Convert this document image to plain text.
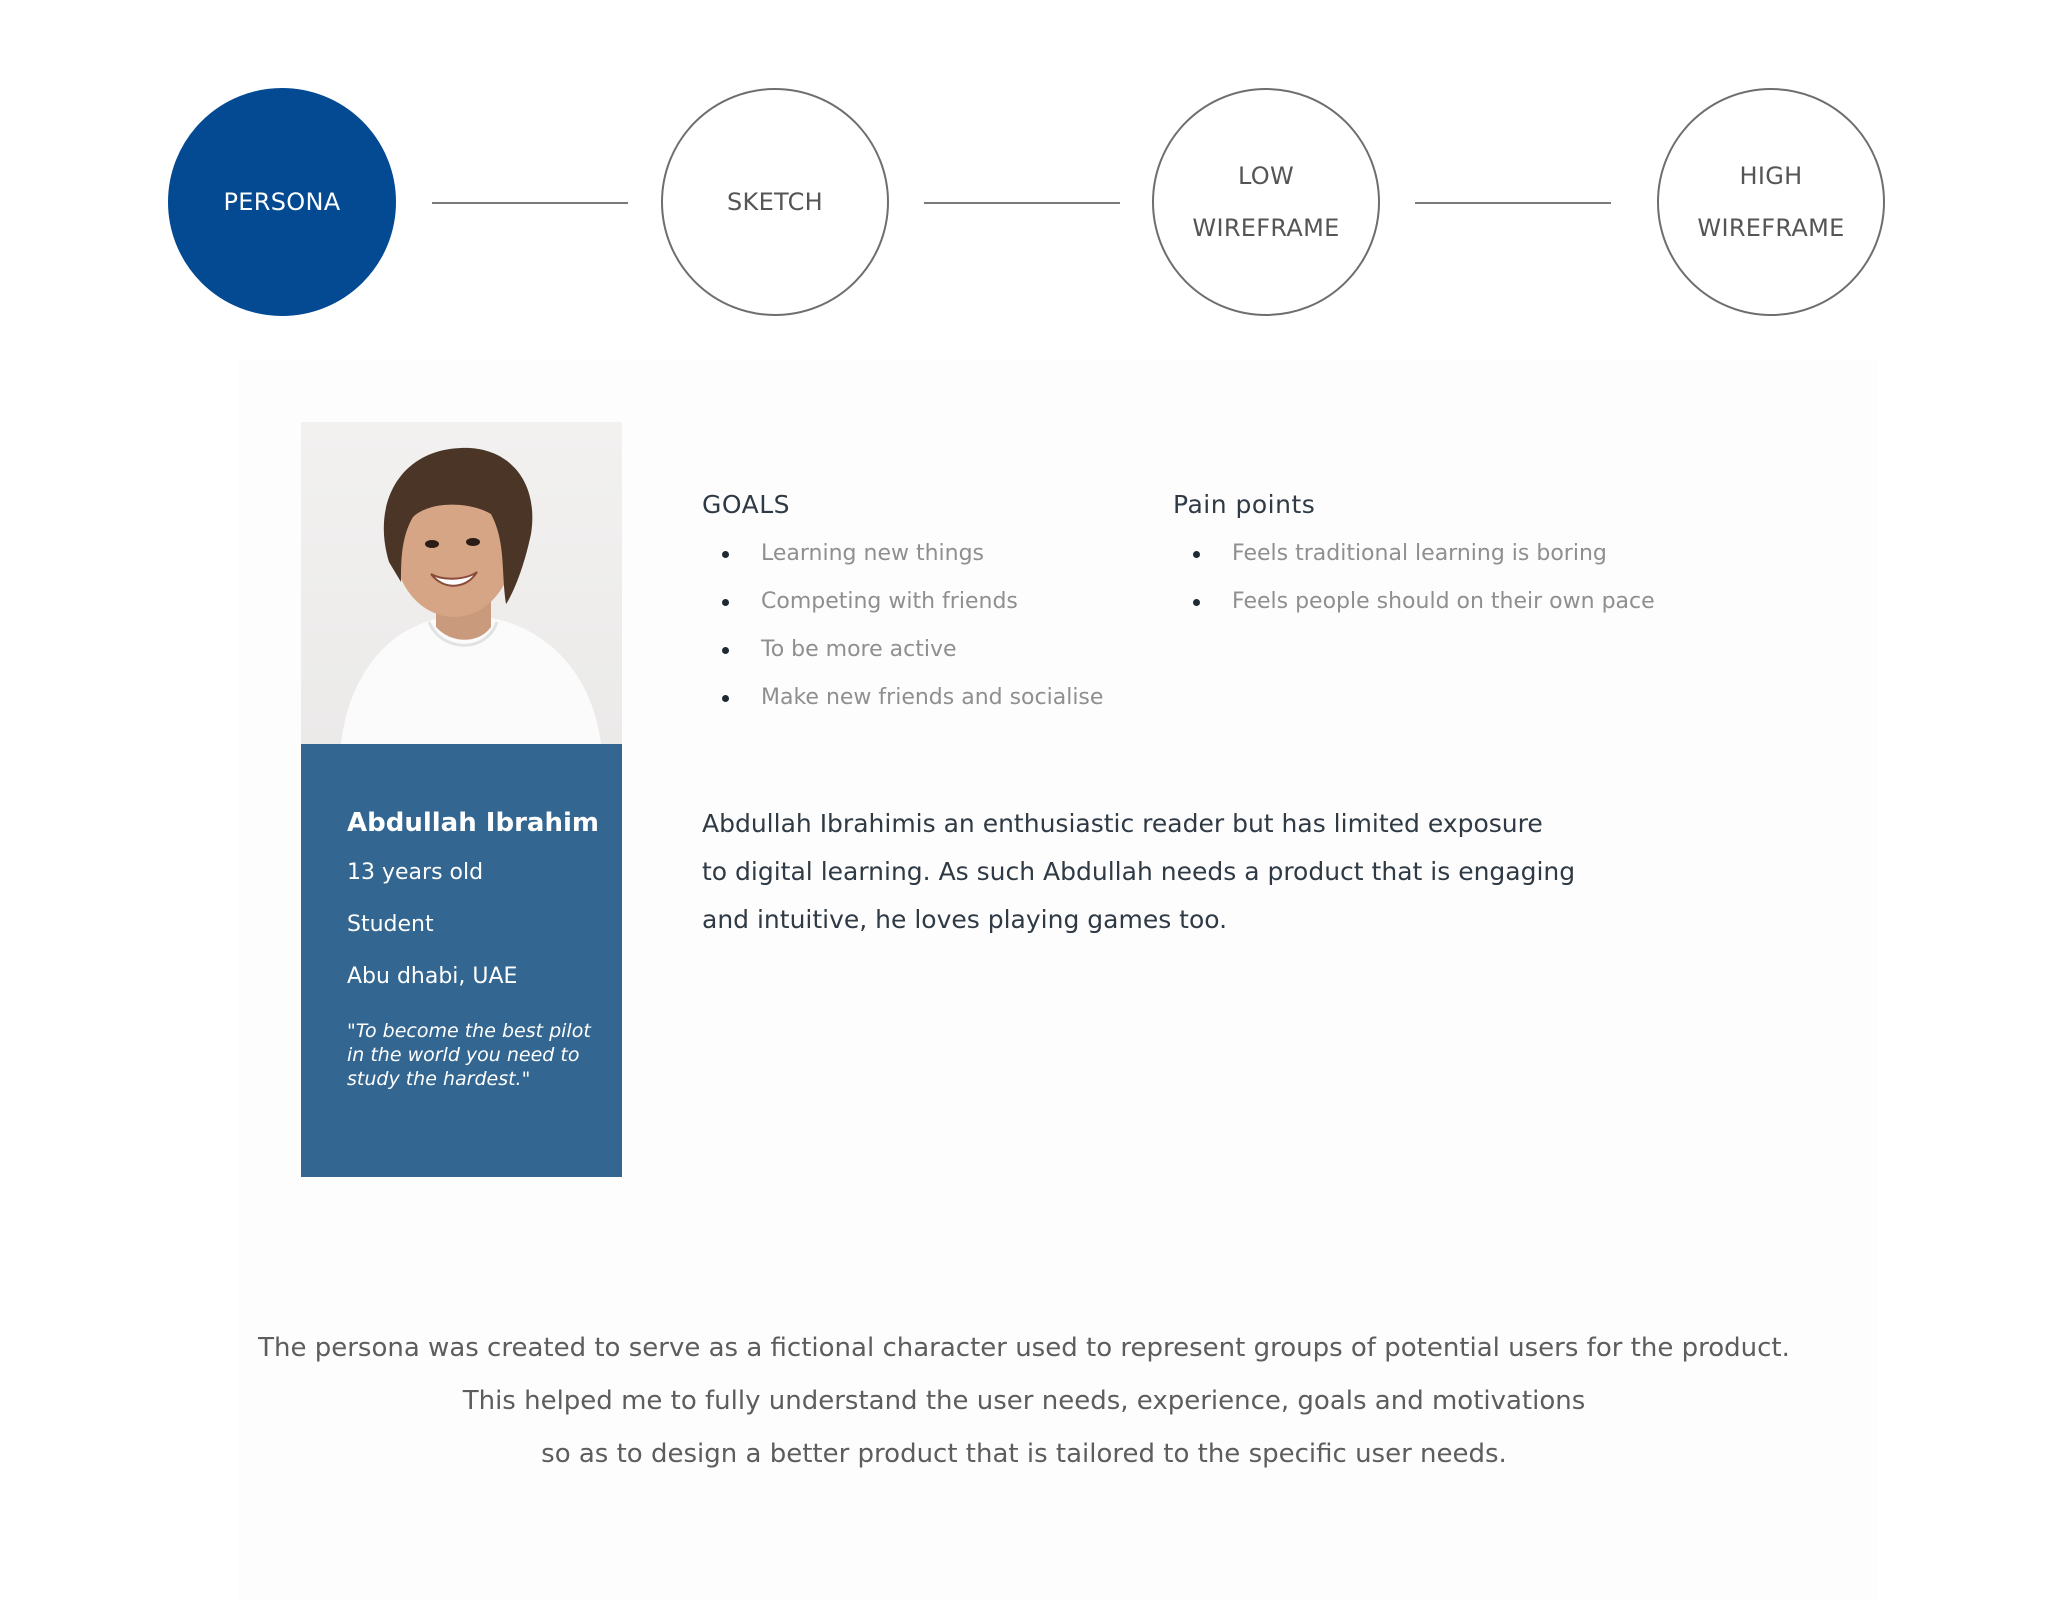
PERSONA	SKETCH
LOW
WIREFRAME
HIGH
WIREFRAME
Abdullah Ibrahim
13 years old
Student
Abu dhabi, UAE
"To become the best pilot in the world you need to study the hardest."
GOALS
Learning new things
Competing with friends
To be more active
Make new friends and socialise
Pain points
Feels traditional learning is boring
Feels people should on their own pace
Abdullah Ibrahimis an enthusiastic reader but has limited exposure
to digital learning. As such Abdullah needs a product that is engaging
and intuitive, he loves playing games too.
The persona was created to serve as a fictional character used to represent groups of potential users for the product.
This helped me to fully understand the user needs, experience, goals and motivations
so as to design a better product that is tailored to the specific user needs.
